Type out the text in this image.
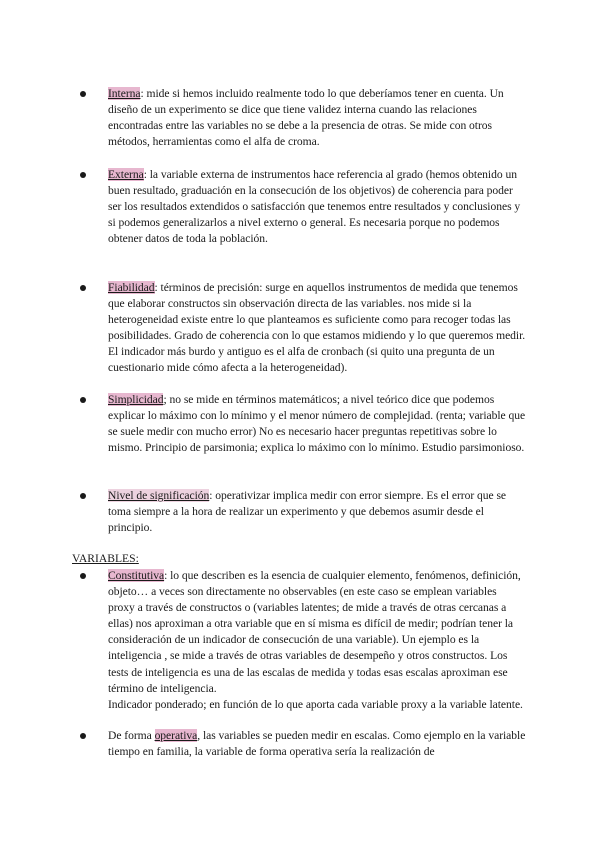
Interna: mide si hemos incluido realmente todo lo que deberíamos tener en cuenta. Un diseño de un experimento se dice que tiene validez interna cuando las relaciones encontradas entre las variables no se debe a la presencia de otras. Se mide con otros métodos, herramientas como el alfa de croma.

Externa: la variable externa de instrumentos hace referencia al grado (hemos obtenido un buen resultado, graduación en la consecución de los objetivos) de coherencia para poder ser los resultados extendidos o satisfacción que tenemos entre resultados y conclusiones y si podemos generalizarlos a nivel externo o general. Es necesaria porque no podemos obtener datos de toda la población.

Fiabilidad: términos de precisión: surge en aquellos instrumentos de medida que tenemos que elaborar constructos sin observación directa de las variables. nos mide si la heterogeneidad existe entre lo que planteamos es suficiente como para recoger todas las posibilidades. Grado de coherencia con lo que estamos midiendo y lo que queremos medir. El indicador más burdo y antiguo es el alfa de cronbach (si quito una pregunta de un cuestionario mide cómo afecta a la heterogeneidad).

Simplicidad; no se mide en términos matemáticos; a nivel teórico dice que podemos explicar lo máximo con lo mínimo y el menor número de complejidad. (renta; variable que se suele medir con mucho error) No es necesario hacer preguntas repetitivas sobre lo mismo. Principio de parsimonia; explica lo máximo con lo mínimo. Estudio parsimonioso.

Nivel de significación: operativizar implica medir con error siempre. Es el error que se toma siempre a la hora de realizar un experimento y que debemos asumir desde el principio.

VARIABLES:

Constitutiva: lo que describen es la esencia de cualquier elemento, fenómenos, definición, objeto… a veces son directamente no observables (en este caso se emplean variables proxy a través de constructos o (variables latentes; de mide a través de otras cercanas a ellas) nos aproximan a otra variable que en sí misma es difícil de medir; podrían tener la consideración de un indicador de consecución de una variable). Un ejemplo es la inteligencia , se mide a través de otras variables de desempeño y otros constructos. Los tests de inteligencia es una de las escalas de medida y todas esas escalas aproximan ese término de inteligencia.
Indicador ponderado; en función de lo que aporta cada variable proxy a la variable latente.

De forma operativa, las variables se pueden medir en escalas. Como ejemplo en la variable tiempo en familia, la variable de forma operativa sería la realización de
